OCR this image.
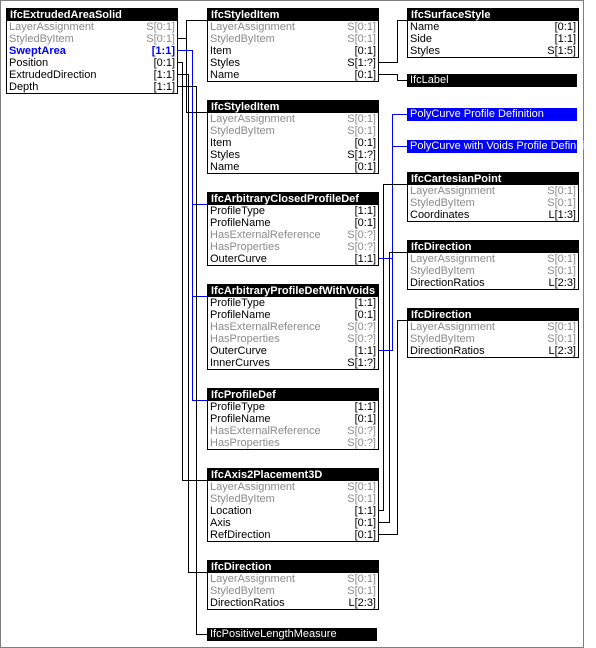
IfcExtrudedAreaSolid
LayerAssignment	S[0:1]
StyledByItem	S[0:1]
SweptArea	[1:1]
Position	[0:1]
ExtrudedDirection	[1:1]
Depth	[1:1]
IfcStyledItem
LayerAssignment	S[0:1]
StyledByItem	S[0:1]
Item	[0:1]
Styles	S[1:?]
Name	[0:1]
IfcSurfaceStyle
Name	[0:1]
Side	[1:1]
Styles	S[1:5]
IfcStyledItem
LayerAssignment	S[0:1]
StyledByItem	S[0:1]
Item	[0:1]
Styles	S[1:?]
Name	[0:1]
IfcArbitraryClosedProfileDef
ProfileType	[1:1]
ProfileName	[0:1]
HasExternalReference S[0:?]
HasProperties	S[0:?]
OuterCurve	[1:1]
IfcCartesianPoint
LayerAssignment	S[0:1]
StyledByItem	S[0:1]
Coordinates	L[1:3]
IfcDirection
LayerAssignment	S[0:1]
StyledByItem	S[0:1]
DirectionRatios	L[2:3]
IfcArbitraryProfileDefWithVoids
ProfileType	[1:1]
ProfileName	[0:1]
HasExternalReference S[0:?]
HasProperties	S[0:?]
OuterCurve	[1:1]
InnerCurves	S[1:?]
IfcDirection
LayerAssignment	S[0:1]
StyledByItem	S[0:1]
DirectionRatios	L[2:3]
IfcProfileDef
ProfileType	[1:1]
ProfileName	[0:1]
HasExternalReference S[0:?]
HasProperties	S[0:?]
IfcAxis2Placement3D
LayerAssignment	S[0:1]
StyledByItem	S[0:1]
Location	[1:1]
Axis	[0:1]
RefDirection	[0:1]
IfcDirection
LayerAssignment	S[0:1]
StyledByItem	S[0:1]
DirectionRatios	L[2:3]
IfcLabel
PolyCurve Profile Definition
PolyCurve with Voids Profile Definition
IfcPositiveLengthMeasure
